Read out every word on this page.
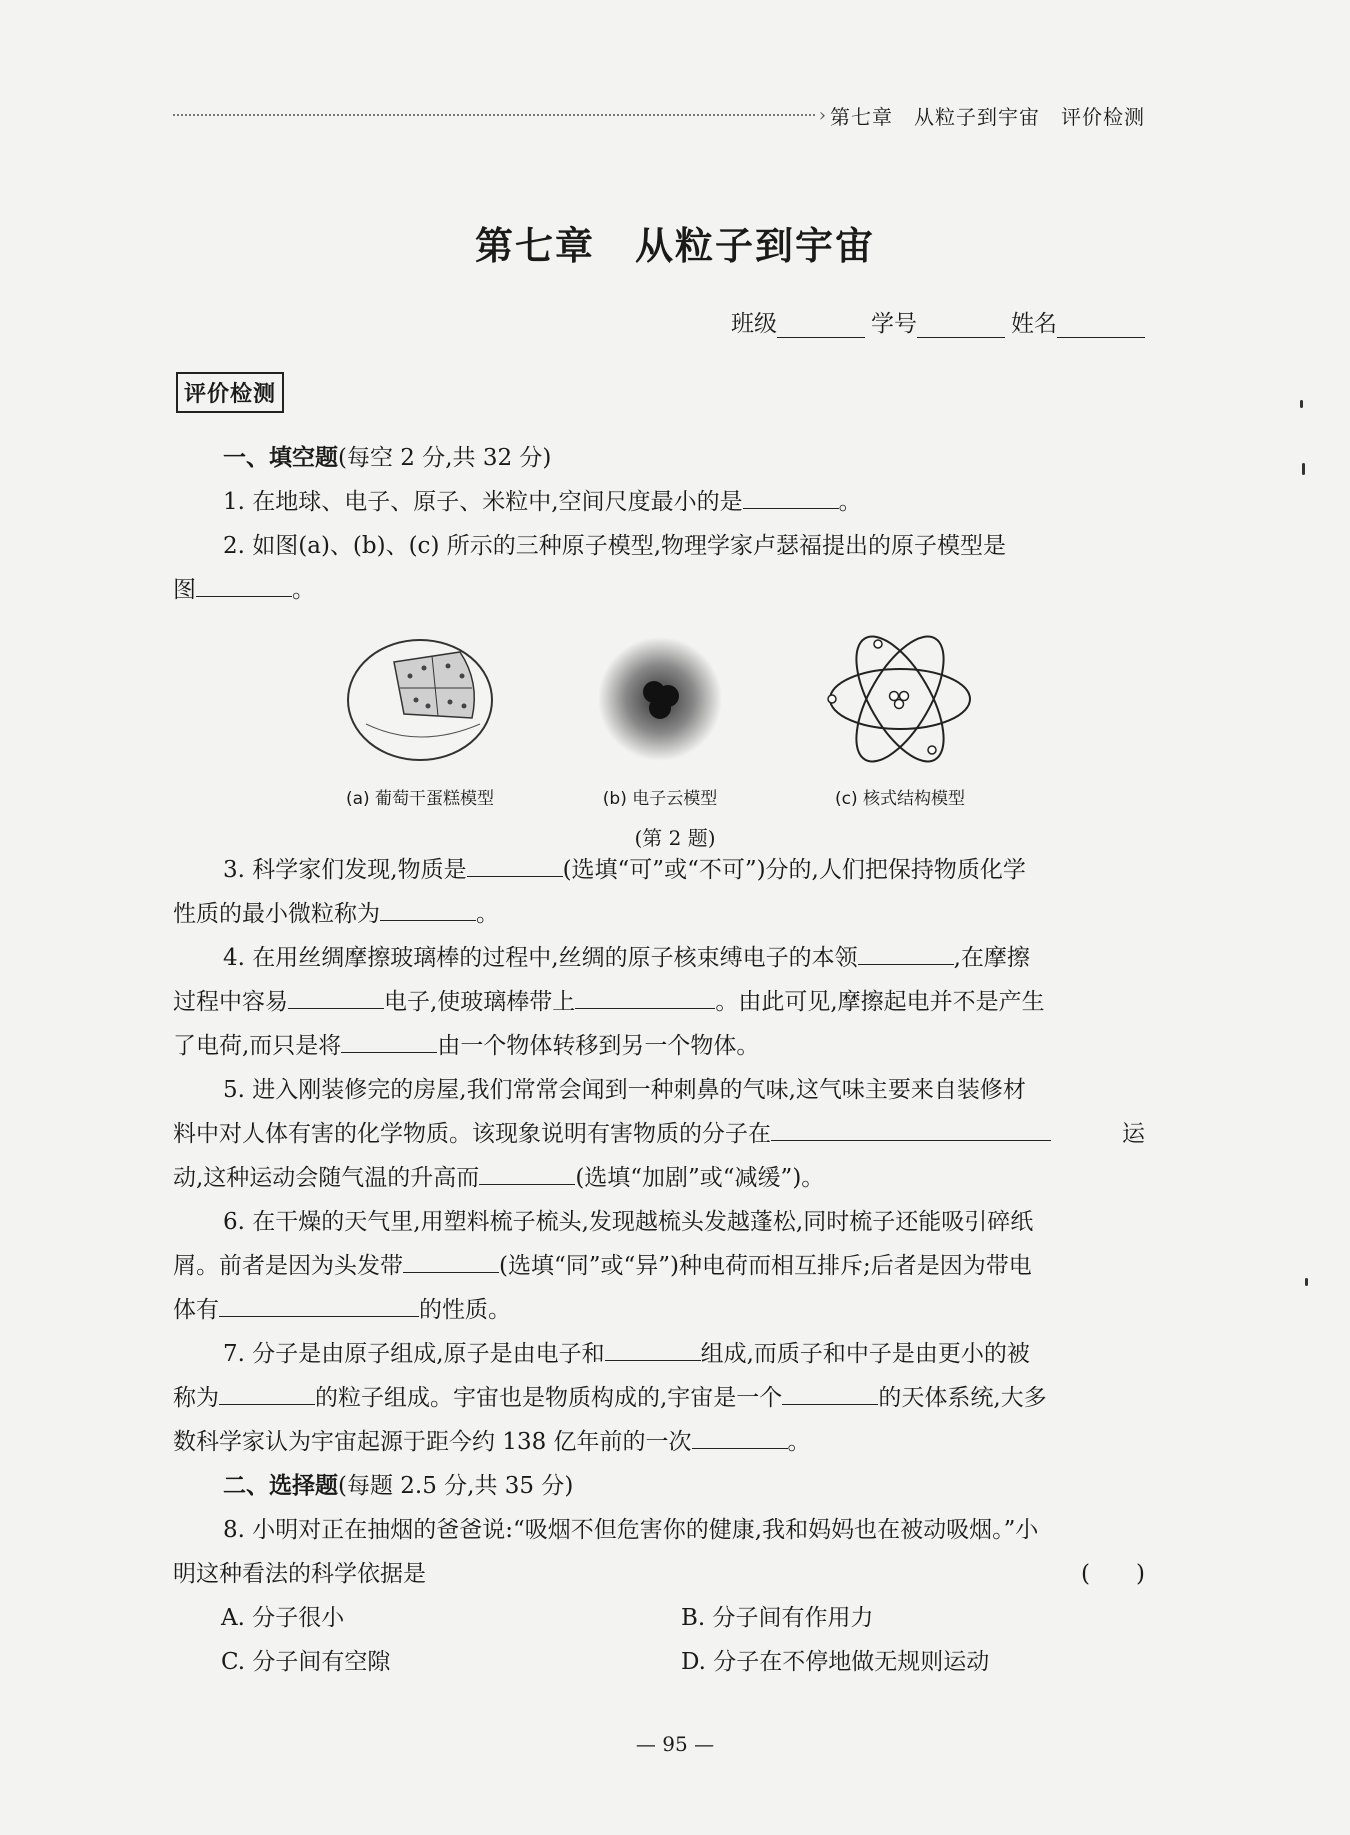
› 第七章　从粒子到宇宙　评价检测
第七章　从粒子到宇宙
班级	学号	姓名
评价检测
一、填空题(每空 2 分,共 32 分)
1. 在地球、电子、原子、米粒中,空间尺度最小的是	。
2. 如图(a)、(b)、(c) 所示的三种原子模型,物理学家卢瑟福提出的原子模型是
图	。
(a) 葡萄干蛋糕模型	(b) 电子云模型	(c) 核式结构模型
(第 2 题)
3. 科学家们发现,物质是	(选填“可”或“不可”)分的,人们把保持物质化学
性质的最小微粒称为	。
4. 在用丝绸摩擦玻璃棒的过程中,丝绸的原子核束缚电子的本领	,在摩擦
过程中容易	电子,使玻璃棒带上	。由此可见,摩擦起电并不是产生
了电荷,而只是将	由一个物体转移到另一个物体。
5. 进入刚装修完的房屋,我们常常会闻到一种刺鼻的气味,这气味主要来自装修材
料中对人体有害的化学物质。该现象说明有害物质的分子在	运
动,这种运动会随气温的升高而	(选填“加剧”或“减缓”)。
6. 在干燥的天气里,用塑料梳子梳头,发现越梳头发越蓬松,同时梳子还能吸引碎纸
屑。前者是因为头发带	(选填“同”或“异”)种电荷而相互排斥;后者是因为带电
体有	的性质。
7. 分子是由原子组成,原子是由电子和	组成,而质子和中子是由更小的被
称为	的粒子组成。宇宙也是物质构成的,宇宙是一个	的天体系统,大多
数科学家认为宇宙起源于距今约 138 亿年前的一次	。
二、选择题(每题 2.5 分,共 35 分)
8. 小明对正在抽烟的爸爸说:“吸烟不但危害你的健康,我和妈妈也在被动吸烟。”小
明这种看法的科学依据是	(　　)
A. 分子很小	B. 分子间有作用力
C. 分子间有空隙	D. 分子在不停地做无规则运动
— 95 —
